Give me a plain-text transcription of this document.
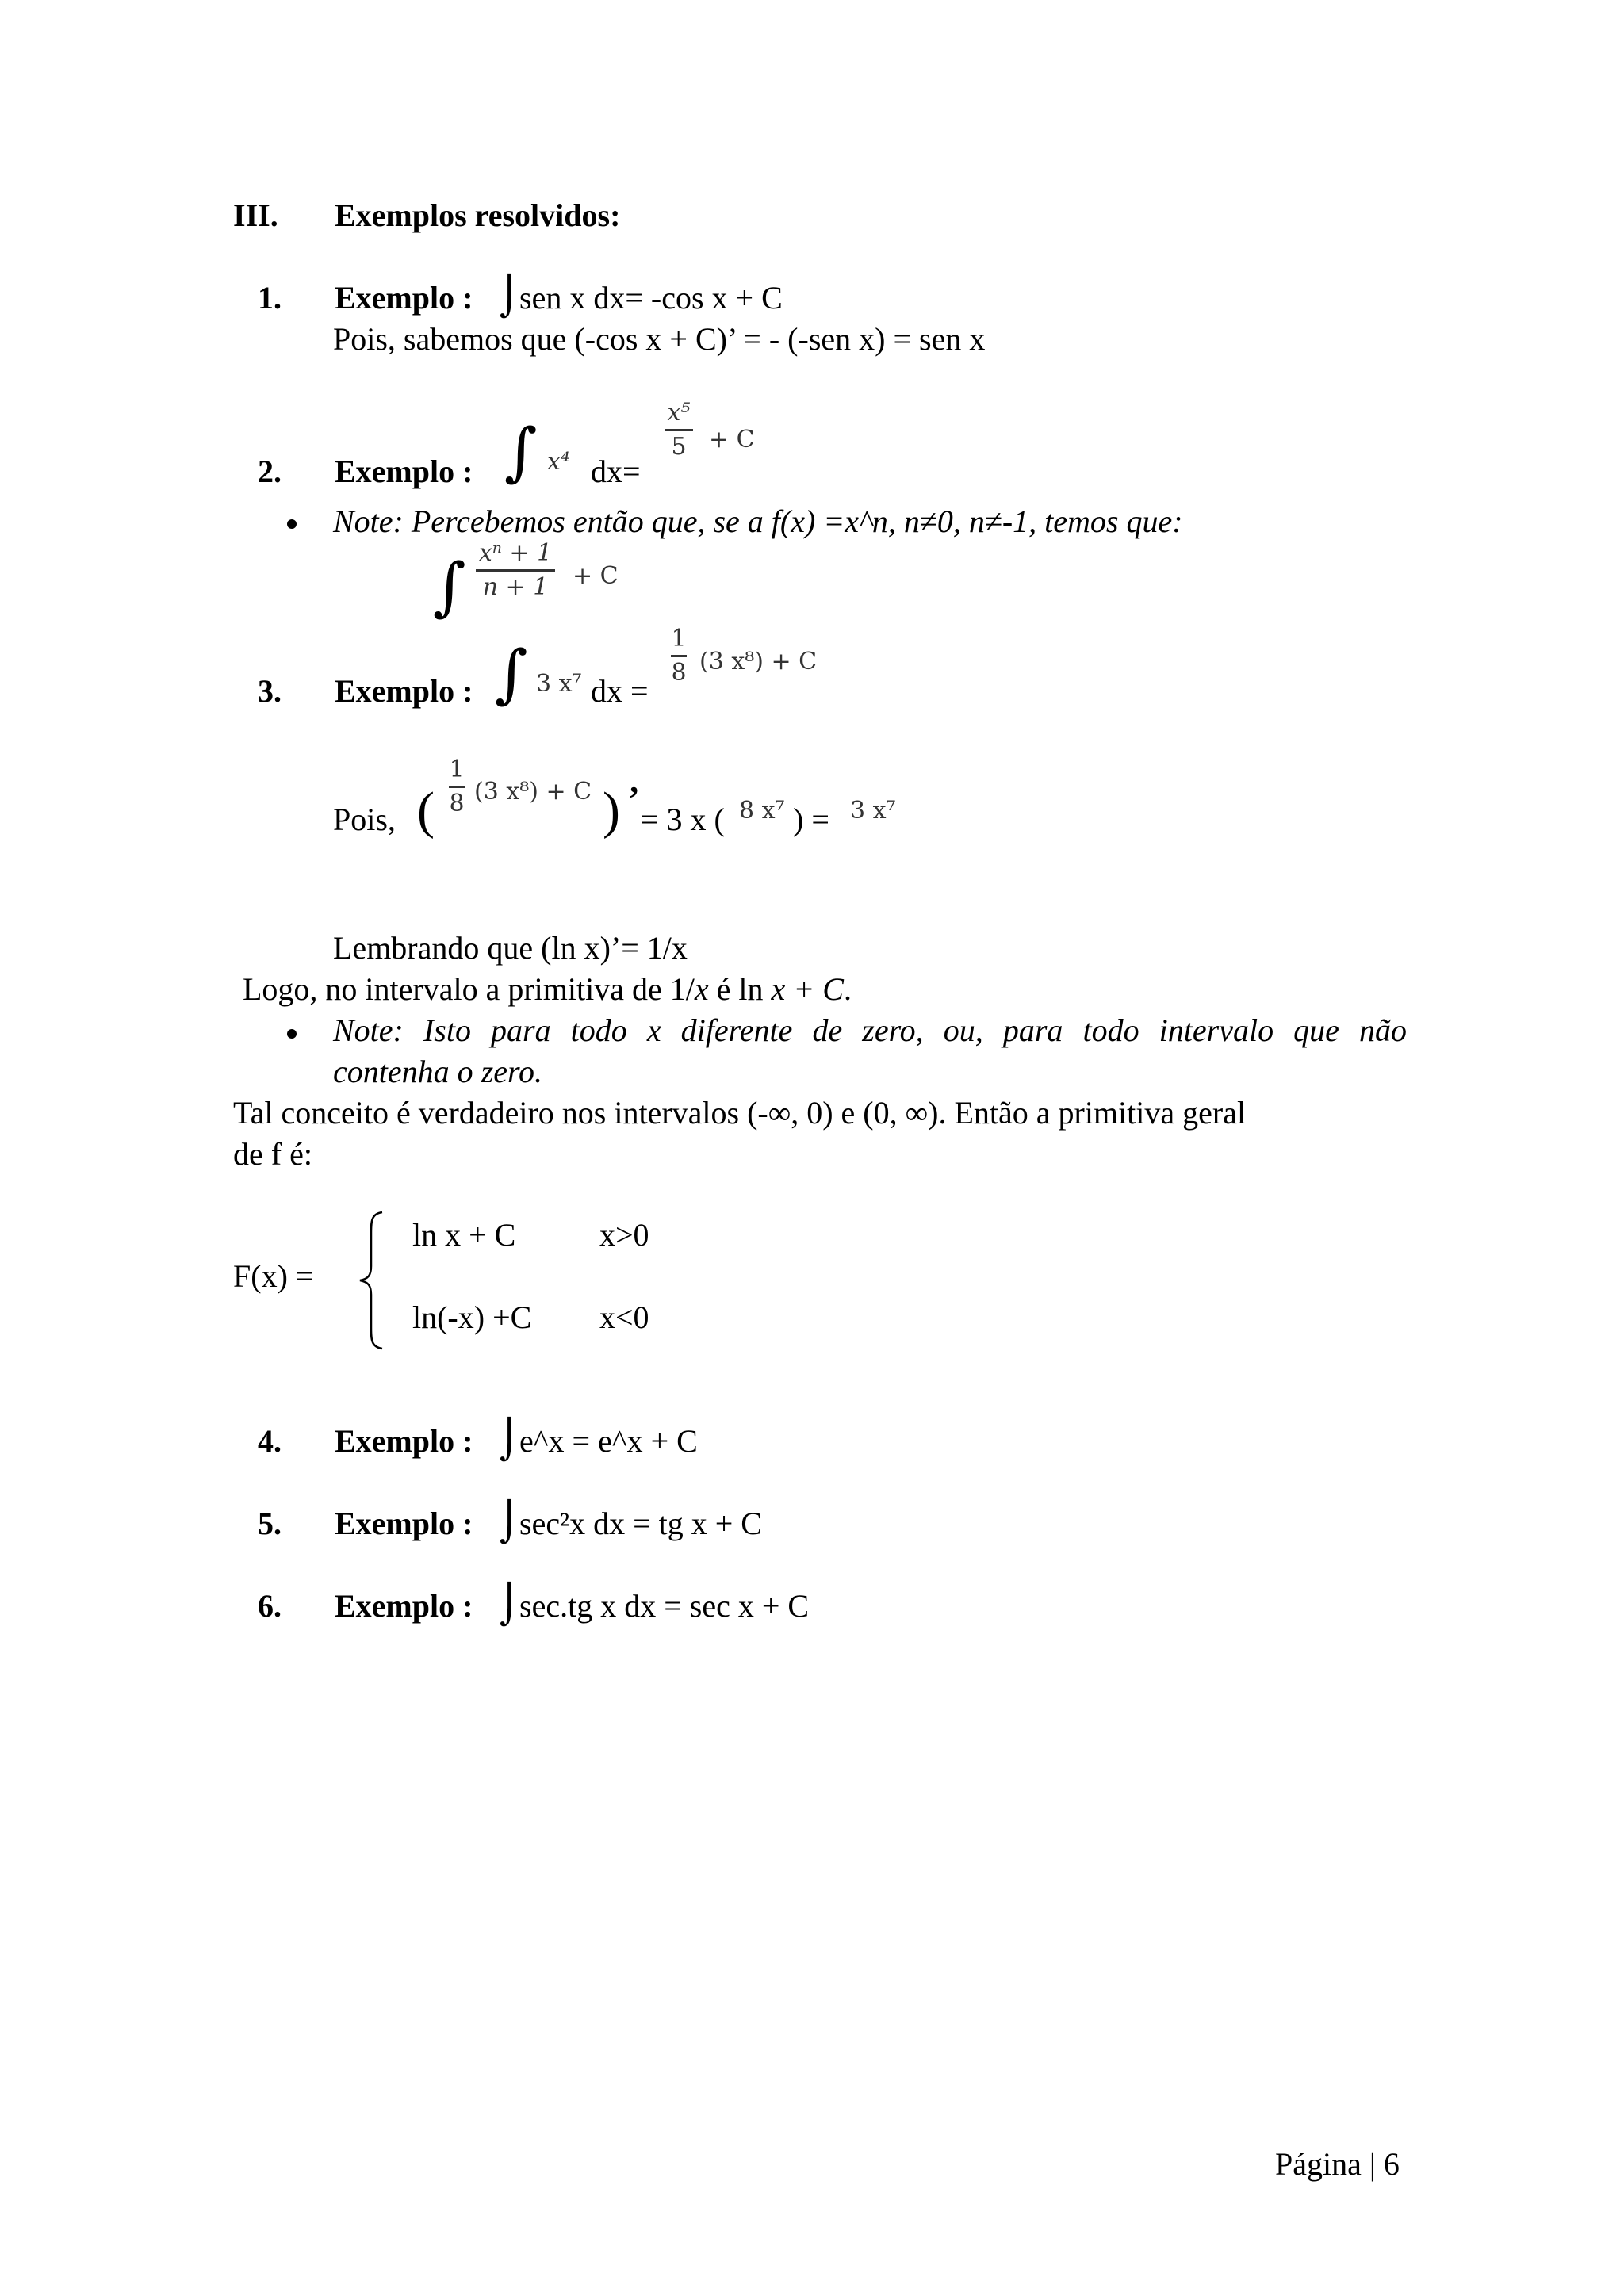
III. Exemplos resolvidos:
1. Exemplo : ⌡ sen x dx= -cos x + C
Pois, sabemos que (-cos x + C)’ = - (-sen x) = sen x
2. Exemplo : ∫ x⁴ dx=
x⁵
5 + C
Note: Percebemos então que, se a f(x) =x^n, n≠0, n≠-1, temos que:
∫ xⁿ + 1
n + 1 + C
3. Exemplo : ∫ 3 x⁷ dx =
1
8 (3 x⁸) + C
Pois, (
1
8 (3 x⁸) + C ) ’
= 3 x ( 8 x⁷ ) = 3 x⁷
Lembrando que (ln x)’= 1/x
Logo, no intervalo a primitiva de 1/x é ln x + C.
Note: Isto para todo x diferente de zero, ou, para todo intervalo que não
contenha o zero.
Tal conceito é verdadeiro nos intervalos (-∞, 0) e (0, ∞). Então a primitiva geral
de f é:
F(x) =
ln x + C	x>0
ln(-x) +C x<0
4. Exemplo : ⌡ e^x = e^x + C
5. Exemplo : ⌡ sec²x dx = tg x + C
6. Exemplo : ⌡ sec.tg x dx = sec x + C
Página | 6
